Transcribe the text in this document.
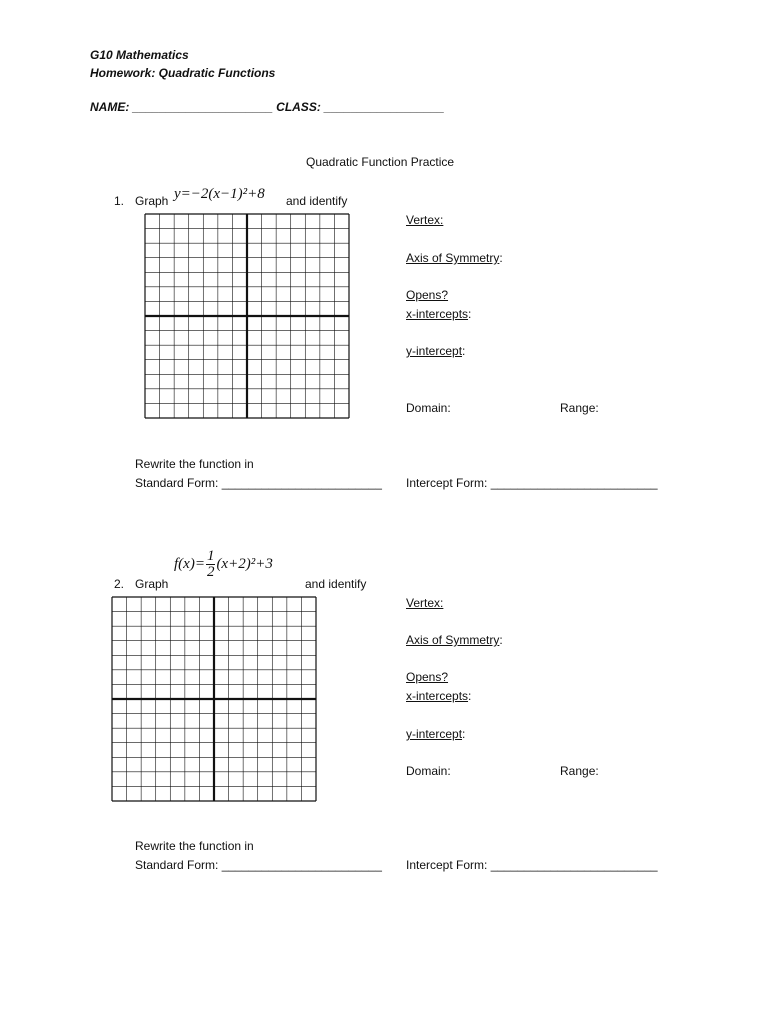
G10 Mathematics
Homework: Quadratic Functions
NAME: _____________________ CLASS: __________________
Quadratic Function Practice
1. Graph y=−2(x−1)²+8 and identify
Vertex:
Axis of Symmetry:
Opens?
x-intercepts:
y-intercept:
Domain:	Range:
Rewrite the function in
Standard Form: ________________________ Intercept Form: _________________________
$f(x)= \frac{1}{2} (x+2)^2+3$
2. Graph	and identify
Vertex:
Axis of Symmetry:
Opens?
x-intercepts:
y-intercept:
Domain:	Range:
Rewrite the function in
Standard Form: ________________________ Intercept Form: _________________________
